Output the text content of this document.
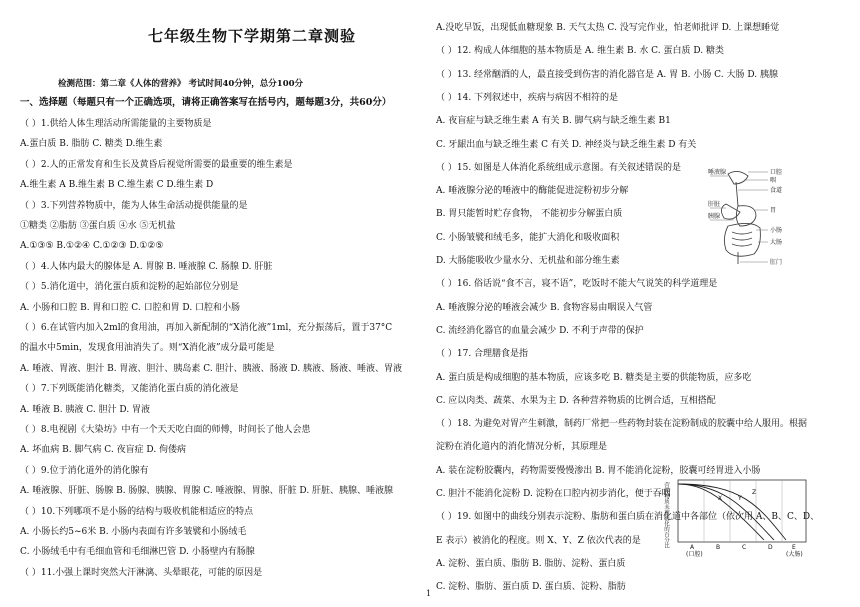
七年级生物下学期第二章测验
检测范围：第二章《人体的营养》 考试时间40分钟，总分100分
一、选择题（每题只有一个正确选项，请将正确答案写在括号内，题每题3分，共60分）
（ ）1.供给人体生理活动所需能量的主要物质是
A.蛋白质 B. 脂肪 C. 糖类 D.维生素
（ ）2.人的正常发育和生长及黄昏后视觉所需要的最重要的维生素是
A.维生素 A B.维生素 B C.维生素 C D.维生素 D
（ ）3.下列营养物质中，能为人体生命活动提供能量的是
①糖类 ②脂肪 ③蛋白质 ④水 ⑤无机盐
A.①③⑤ B.①②④ C.①②③ D.①②⑤
（ ）4.人体内最大的腺体是 A. 胃腺 B. 唾液腺 C. 肠腺 D. 肝脏
（ ）5.消化道中，消化蛋白质和淀粉的起始部位分别是
A. 小肠和口腔 B. 胃和口腔 C. 口腔和胃 D. 口腔和小肠
（ ）6.在试管内加入2ml的食用油，再加入新配制的“X消化液”1ml，充分振荡后，置于37°C
的温水中5min，发现食用油消失了。则“X消化液”成分最可能是
A. 唾液、胃液、胆汁 B. 胃液、胆汁、胰岛素 C. 胆汁、胰液、肠液 D. 胰液、肠液、唾液、胃液
（ ）7.下列既能消化糖类，又能消化蛋白质的消化液是
A. 唾液 B. 胰液 C. 胆汁 D. 胃液
（ ）8.电视剧《大染坊》中有一个天天吃白面的师傅，时间长了他人会患
A. 坏血病 B. 脚气病 C. 夜盲症 D. 佝偻病
（ ）9.位于消化道外的消化腺有
A. 唾液腺、肝脏、肠腺 B. 肠腺、胰腺、胃腺 C. 唾液腺、胃腺、肝脏 D. 肝脏、胰腺、唾液腺
（ ）10.下列哪项不是小肠的结构与吸收机能相适应的特点
A. 小肠长约5~6米 B. 小肠内表面有许多皱襞和小肠绒毛
C. 小肠绒毛中有毛细血管和毛细淋巴管 D. 小肠壁内有肠腺
（ ）11.小强上课时突然大汗淋漓、头晕眼花，可能的原因是
A.没吃早饭，出现低血糖现象 B. 天气太热 C. 没写完作业，怕老师批评 D. 上课想睡觉
（ ）12. 构成人体细胞的基本物质是 A. 维生素 B. 水 C. 蛋白质 D. 糖类
（ ）13. 经常酗酒的人，最直接受到伤害的消化器官是 A. 胃 B. 小肠 C. 大肠 D. 胰腺
（ ）14. 下列叙述中，疾病与病因不相符的是
A. 夜盲症与缺乏维生素 A 有关 B. 脚气病与缺乏维生素 B1
C. 牙龈出血与缺乏维生素 C 有关 D. 神经炎与缺乏维生素 D 有关
（ ）15. 如图是人体消化系统组成示意图。有关叙述错误的是
A. 唾液腺分泌的唾液中的酶能促进淀粉初步分解
B. 胃只能暂时贮存食物， 不能初步分解蛋白质
C. 小肠皱襞和绒毛多，能扩大消化和吸收面积
D. 大肠能吸收少量水分、无机盐和部分维生素
（ ）16. 俗话说“食不言，寝不语”，吃饭时不能大气说笑的科学道理是
A. 唾液腺分泌的唾液会减少 B. 食物容易由咽误入气管
C. 流经消化器官的血量会减少 D. 不利于声带的保护
（ ）17. 合理膳食是指
A. 蛋白质是构成细胞的基本物质，应该多吃 B. 糖类是主要的供能物质，应多吃
C. 应以肉类、蔬菜、水果为主 D. 各种营养物质的比例合适，互相搭配
（ ）18. 为避免对胃产生刺激，制药厂常把一些药物封装在淀粉制成的胶囊中给人服用。根据
淀粉在消化道内的消化情况分析，其原理是
A. 装在淀粉胶囊内，药物需要慢慢渗出 B. 胃不能消化淀粉，胶囊可经胃进入小肠
C. 胆汁不能消化淀粉 D. 淀粉在口腔内初步消化，便于吞咽
（ ）19. 如图中的曲线分别表示淀粉、脂肪和蛋白质在消化道中各部位（依次用 A、B、C、D、
E 表示）被消化的程度。则 X、Y、Z 依次代表的是
A. 淀粉、蛋白质、脂肪 B. 脂肪、淀粉、蛋白质
C. 淀粉、脂肪、蛋白质 D. 蛋白质、淀粉、脂肪
唾液腺	口腔
咽
食道
肝脏
胃
胰腺
小肠
大肠
肛门
营养物质未被消化的百分比	X	Y
Z
A	B	C	D	E
(口腔)	(大肠)
1
